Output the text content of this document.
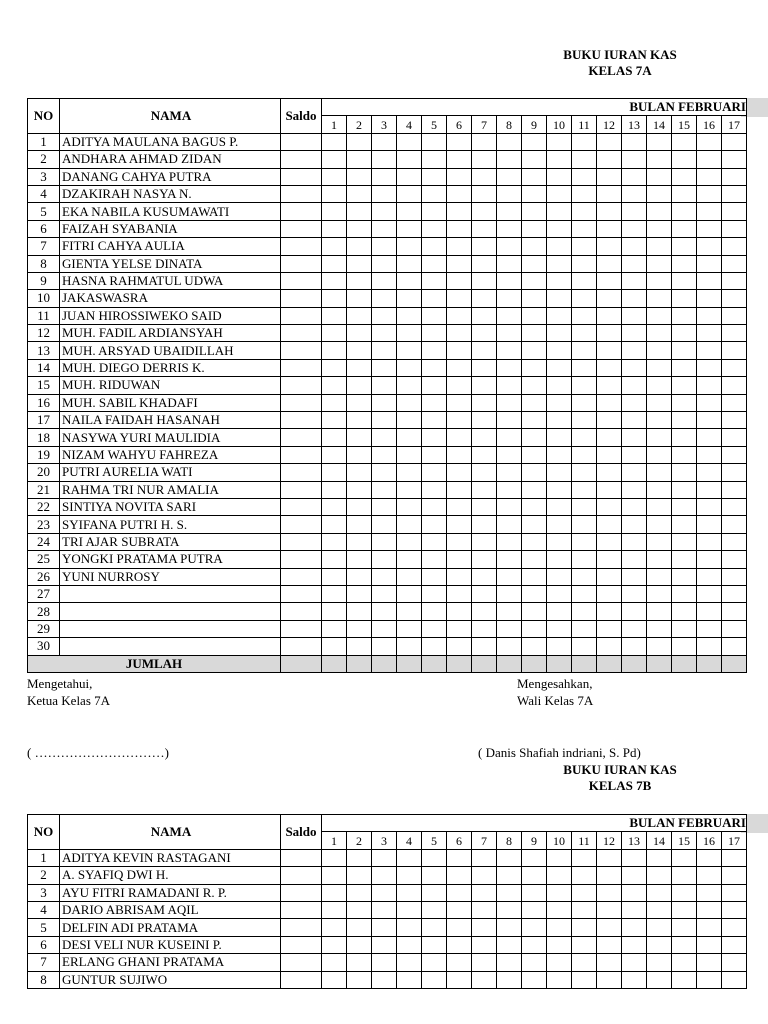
BUKU IURAN KAS
KELAS 7A
NO	NAMA	Saldo	BULAN FEBRUARI																
			1	2	3	4	5	6	7	8	9	10	11	12	13	14	15	16	17
1	ADITYA MAULANA BAGUS P.																		
2	ANDHARA AHMAD ZIDAN																		
3	DANANG CAHYA PUTRA																		
4	DZAKIRAH NASYA N.																		
5	EKA NABILA KUSUMAWATI																		
6	FAIZAH SYABANIA																		
7	FITRI CAHYA AULIA																		
8	GIENTA YELSE DINATA																		
9	HASNA RAHMATUL UDWA																		
10	JAKASWASRA																		
11	JUAN HIROSSIWEKO SAID																		
12	MUH. FADIL ARDIANSYAH																		
13	MUH. ARSYAD UBAIDILLAH																		
14	MUH. DIEGO DERRIS K.																		
15	MUH. RIDUWAN																		
16	MUH. SABIL KHADAFI																		
17	NAILA FAIDAH HASANAH																		
18	NASYWA YURI MAULIDIA																		
19	NIZAM WAHYU FAHREZA																		
20	PUTRI AURELIA WATI																		
21	RAHMA TRI NUR AMALIA																		
22	SINTIYA NOVITA SARI																		
23	SYIFANA PUTRI H. S.																		
24	TRI AJAR SUBRATA																		
25	YONGKI PRATAMA PUTRA																		
26	YUNI NURROSY																		
27																			
28																			
29																			
30																			
JUMLAH																			
Mengetahui,
Ketua Kelas 7A
( …………………………)
Mengesahkan,
Wali Kelas 7A
( Danis Shafiah indriani, S. Pd)
BUKU IURAN KAS
KELAS 7B
NO	NAMA	Saldo	BULAN FEBRUARI																
			1	2	3	4	5	6	7	8	9	10	11	12	13	14	15	16	17
1	ADITYA KEVIN RASTAGANI																		
2	A. SYAFIQ DWI H.																		
3	AYU FITRI RAMADANI R. P.																		
4	DARIO ABRISAM AQIL																		
5	DELFIN ADI PRATAMA																		
6	DESI VELI NUR KUSEINI P.																		
7	ERLANG GHANI PRATAMA																		
8	GUNTUR SUJIWO																		
